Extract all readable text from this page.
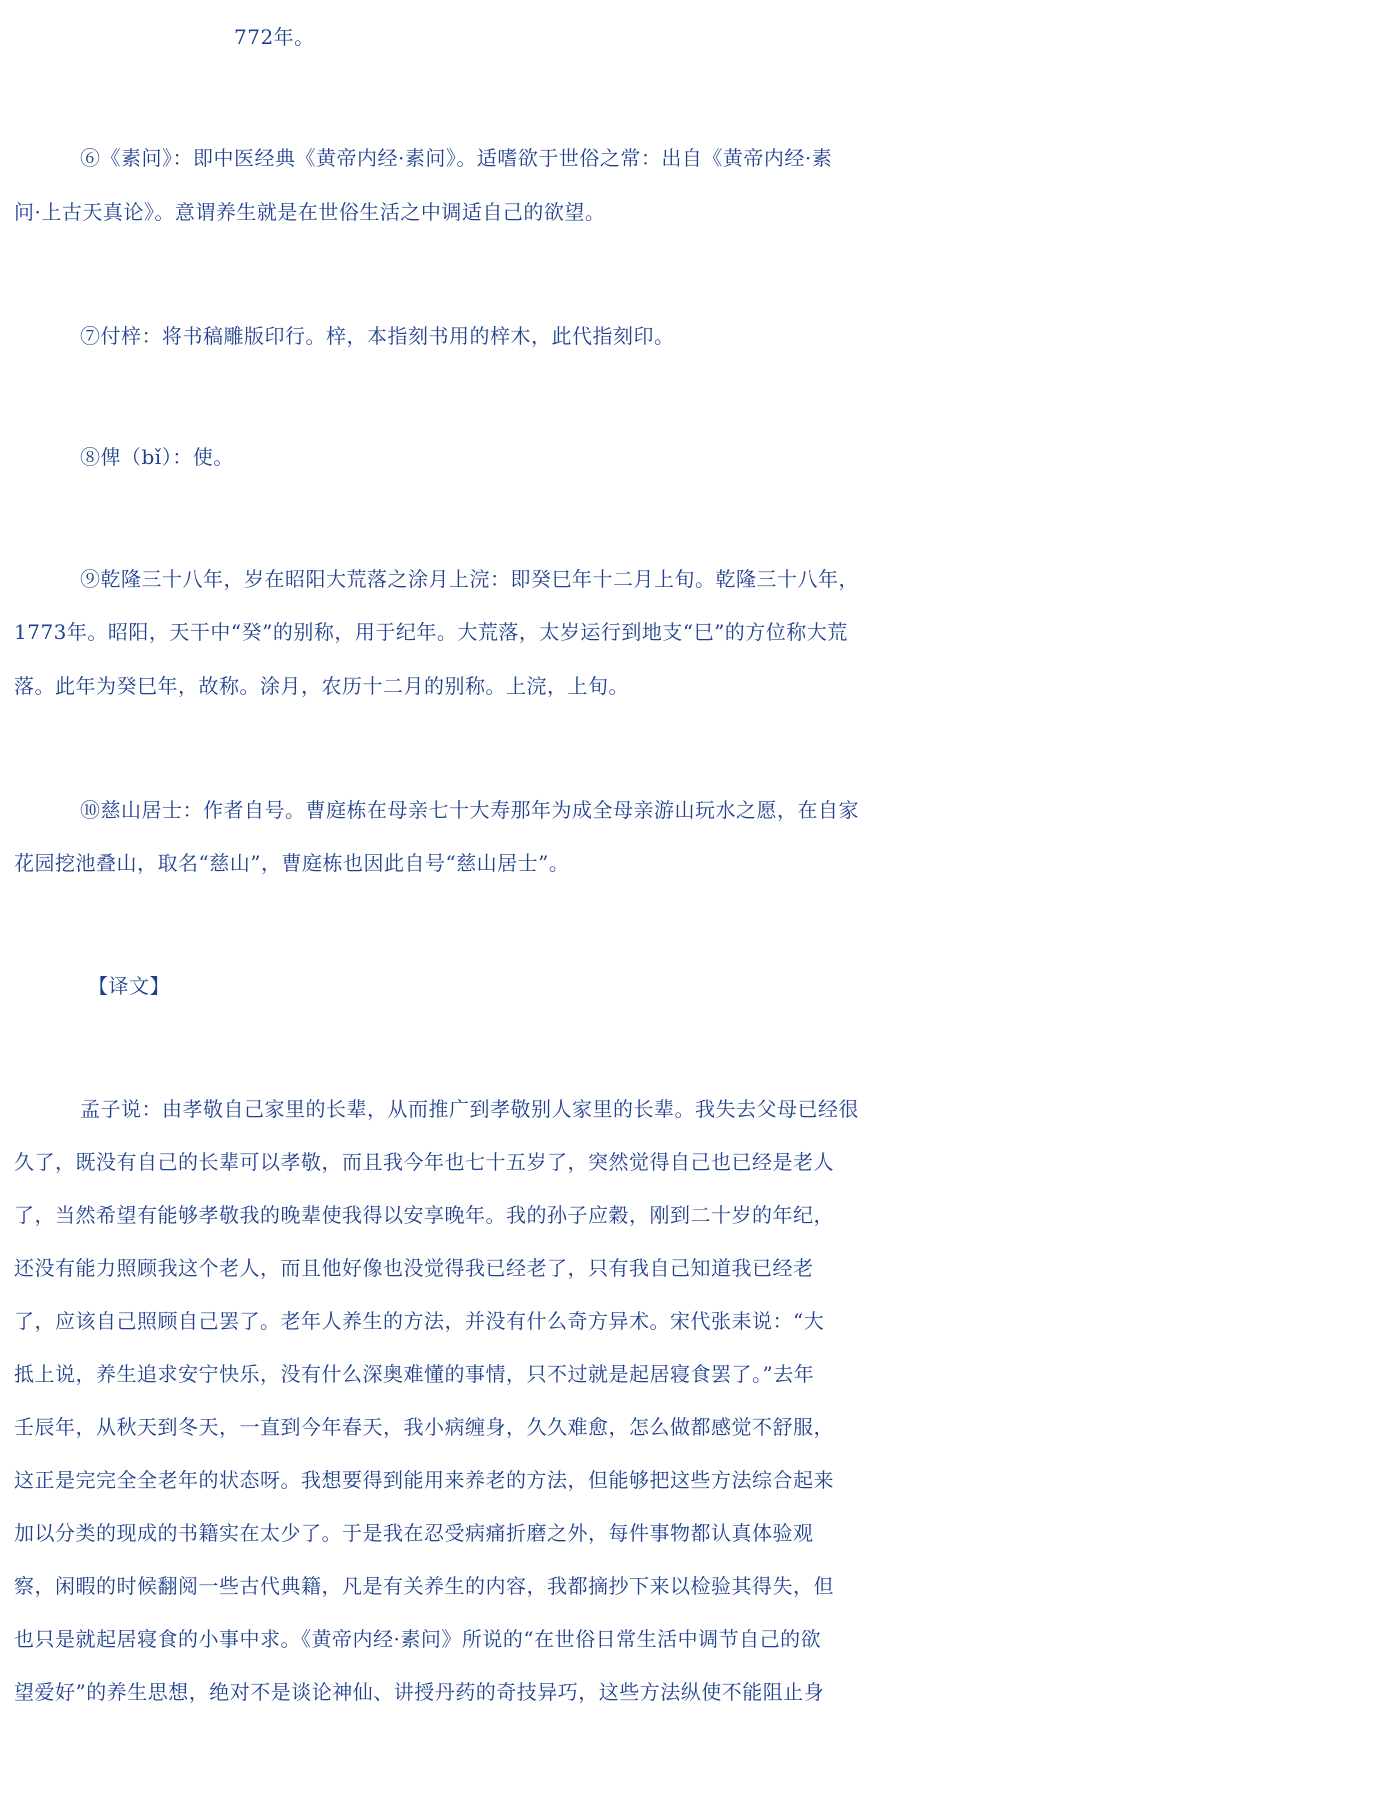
772年。
⑥《素问》：即中医经典《黄帝内经·素问》。适嗜欲于世俗之常：出自《黄帝内经·素
问·上古天真论》。意谓养生就是在世俗生活之中调适自己的欲望。
⑦付梓：将书稿雕版印行。梓，本指刻书用的梓木，此代指刻印。
⑧俾（bǐ）：使。
⑨乾隆三十八年，岁在昭阳大荒落之涂月上浣：即癸巳年十二月上旬。乾隆三十八年，
1773年。昭阳，天干中“癸”的别称，用于纪年。大荒落，太岁运行到地支“巳”的方位称大荒
落。此年为癸巳年，故称。涂月，农历十二月的别称。上浣，上旬。
⑩慈山居士：作者自号。曹庭栋在母亲七十大寿那年为成全母亲游山玩水之愿，在自家
花园挖池叠山，取名“慈山”，曹庭栋也因此自号“慈山居士”。
【译文】
孟子说：由孝敬自己家里的长辈，从而推广到孝敬别人家里的长辈。我失去父母已经很
久了，既没有自己的长辈可以孝敬，而且我今年也七十五岁了，突然觉得自己也已经是老人
了，当然希望有能够孝敬我的晚辈使我得以安享晚年。我的孙子应穀，刚到二十岁的年纪，
还没有能力照顾我这个老人，而且他好像也没觉得我已经老了，只有我自己知道我已经老
了，应该自己照顾自己罢了。老年人养生的方法，并没有什么奇方异术。宋代张耒说：“大
抵上说，养生追求安宁快乐，没有什么深奥难懂的事情，只不过就是起居寝食罢了。”去年
壬辰年，从秋天到冬天，一直到今年春天，我小病缠身，久久难愈，怎么做都感觉不舒服，
这正是完完全全老年的状态呀。我想要得到能用来养老的方法，但能够把这些方法综合起来
加以分类的现成的书籍实在太少了。于是我在忍受病痛折磨之外，每件事物都认真体验观
察，闲暇的时候翻阅一些古代典籍，凡是有关养生的内容，我都摘抄下来以检验其得失，但
也只是就起居寝食的小事中求。《黄帝内经·素问》所说的“在世俗日常生活中调节自己的欲
望爱好”的养生思想，绝对不是谈论神仙、讲授丹药的奇技异巧，这些方法纵使不能阻止身
